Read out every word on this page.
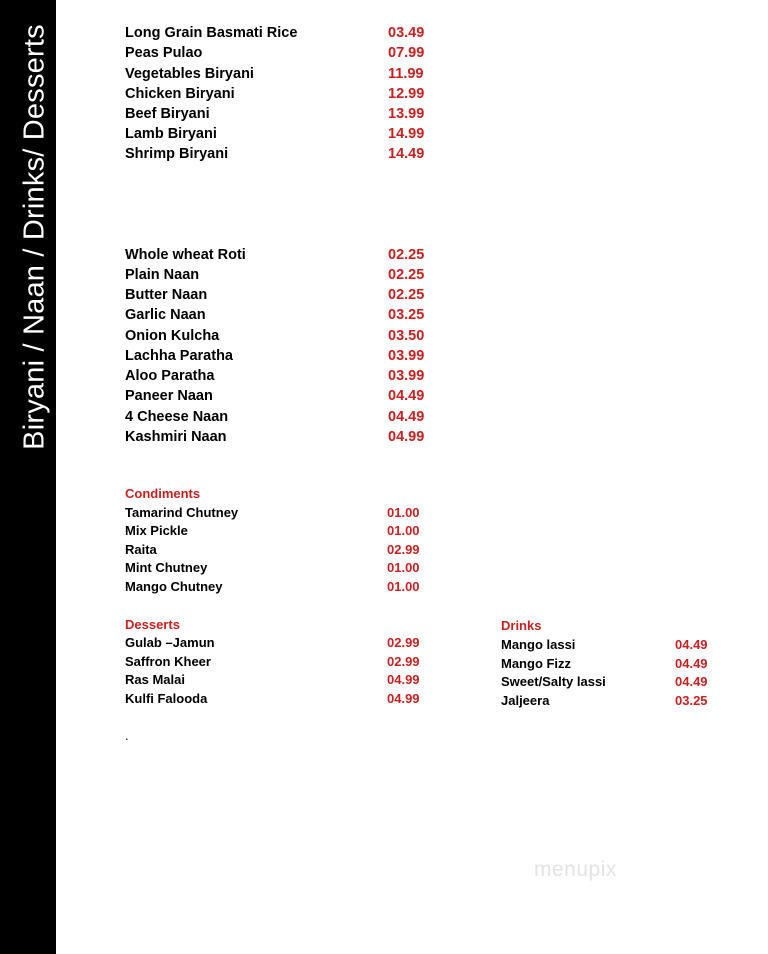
Biryani / Naan / Drinks/ Desserts	Long Grain Basmati Rice	03.49
Peas Pulao	07.99
Vegetables Biryani	11.99
Chicken Biryani	12.99
Beef Biryani	13.99
Lamb Biryani	14.99
Shrimp Biryani	14.49
Whole wheat Roti	02.25
Plain Naan	02.25
Butter Naan	02.25
Garlic Naan	03.25
Onion Kulcha	03.50
Lachha Paratha	03.99
Aloo Paratha	03.99
Paneer Naan	04.49
4 Cheese Naan	04.49
Kashmiri Naan	04.99
Condiments
Tamarind Chutney	01.00
Mix Pickle	01.00
Raita	02.99
Mint Chutney	01.00
Mango Chutney	01.00
Desserts
Gulab –Jamun	02.99
Saffron Kheer	02.99
Ras Malai	04.99
Kulfi Falooda	04.99
Drinks
Mango lassi	04.49
Mango Fizz	04.49
Sweet/Salty lassi	04.49
Jaljeera	03.25
.
menupix
